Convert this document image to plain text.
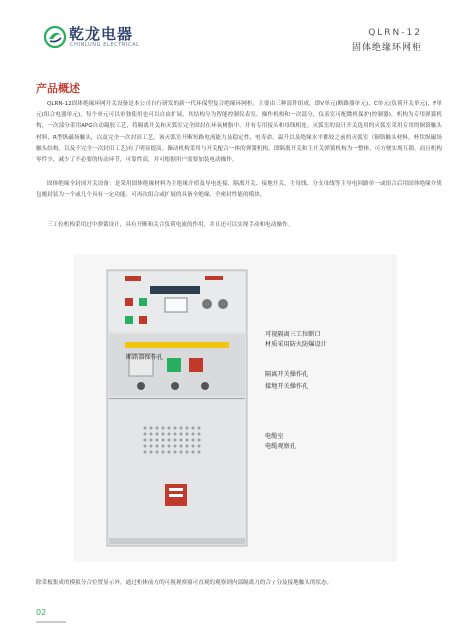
乾龙电器
CHINLUNG ELECTRICAL
QLRN-12
固体绝缘环网柜
产品概述
QLRN-12固体绝缘环网开关设备是本公司自行研发的新一代环保型复合绝缘环网柜。主要由三种部件组成，即V单元(断路器单元)，C单元(负荷开关单元)，F单元(组合电器单元)，每个单元可以单独使用也可以自由扩展，其结构分为智能控制仪表室、操作机构和一次部分，仪表室可配微机保护(控制器)，机构为专用弹簧机构，一次部分采用APG自动凝胶工艺，将隔离开关和灭弧室完全固封在环氧树脂中，并有专用接头和母线相连。灭弧室的设计开关选用的灭弧室采用专用的铜铬触头材料，R型纵磁场触头，以及完全一次封田工艺，该灭弧室开断短路电流能力及稳定性，电寿命，温升以及绝缘水平都较之前的灭弧室（铜铬触头材料，杯状纵磁场触头结构，以及不完全一次封田工艺)有了明显提高。操动机构采用与开关配合一体的弹簧机构，即隔离开关和主开关弹簧机构为一整体，可方便实现互锁，而且机构零件少，减少了不必要的传动环节，可靠性高，并可根据用户需要加装电动操作。
固体绝缘全封闭开关设备：是采用固体绝缘材料为主绝缘介质及导电连接、隔离开关、接地开关、主母线、分支母线等主导电回路单一或组合后用固体绝缘介质包覆封装为一个或几个具有一定功能、可再次组合或扩展的具备全绝缘、全密封性能的模块。
三工位机构采用过中弹簧设计，具有开断和关合负荷电流的作用，并且还可以实现手动和电动操作。
断路器操作孔
可视隔离三工位断口
材质采用防火防爆设计
隔离开关操作孔
接地开关操作孔
电缆室
电缆观察孔
除采板集成的模拟分合位置显示外，通过柜体前方的可视观察窗可直观的观察到内部隔离刀的合 / 分及接地触头的状态。
02
